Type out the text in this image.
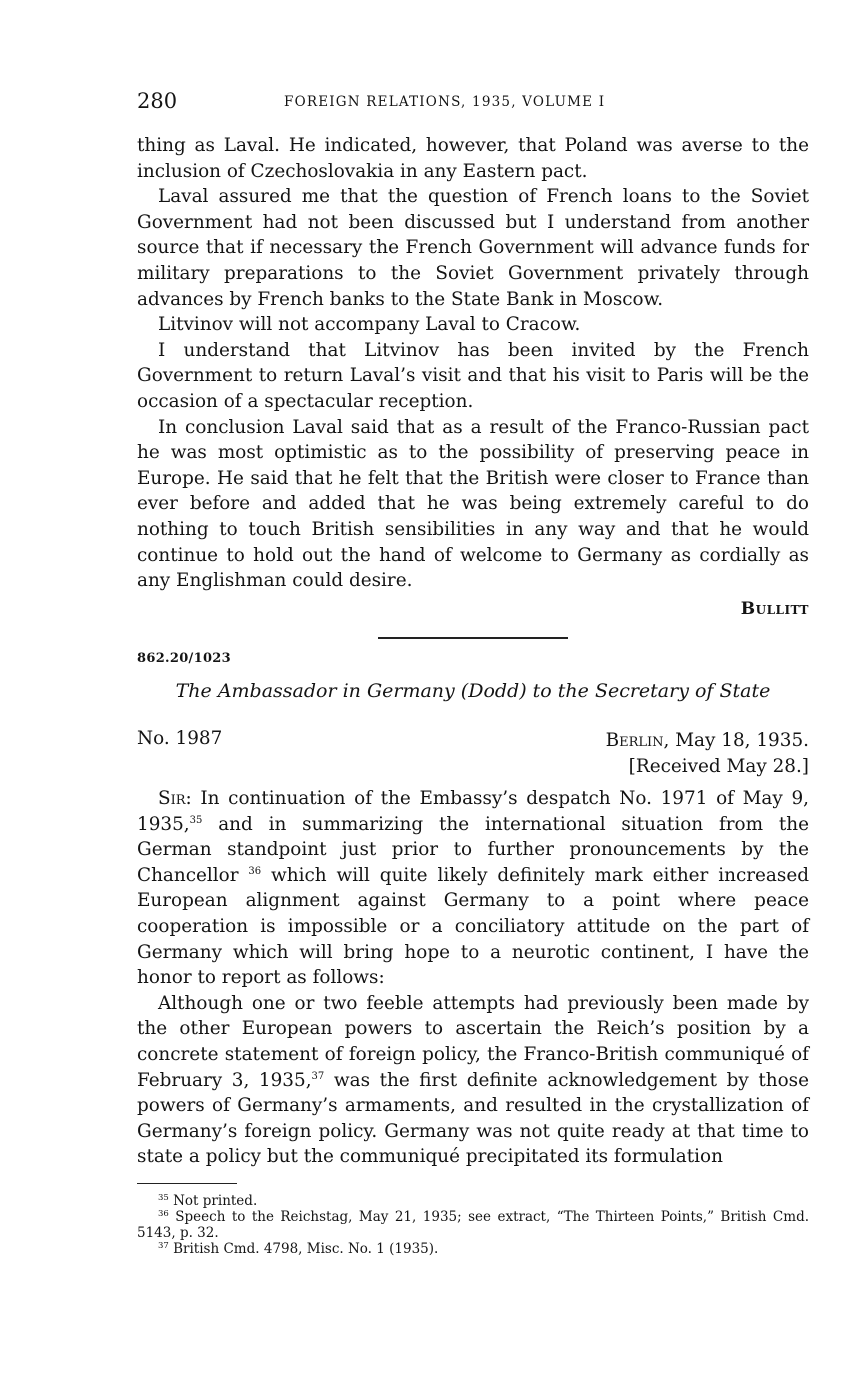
280	FOREIGN RELATIONS, 1935, VOLUME I

thing as Laval. He indicated, however, that Poland was averse to the inclusion of Czechoslovakia in any Eastern pact.

Laval assured me that the question of French loans to the Soviet Government had not been discussed but I understand from another source that if necessary the French Government will advance funds for military preparations to the Soviet Government privately through advances by French banks to the State Bank in Moscow.

Litvinov will not accompany Laval to Cracow.

I understand that Litvinov has been invited by the French Government to return Laval’s visit and that his visit to Paris will be the occasion of a spectacular reception.

In conclusion Laval said that as a result of the Franco-Russian pact he was most optimistic as to the possibility of preserving peace in Europe. He said that he felt that the British were closer to France than ever before and added that he was being extremely careful to do nothing to touch British sensibilities in any way and that he would continue to hold out the hand of welcome to Germany as cordially as any Englishman could desire.

Bullitt
862.20/1023
The Ambassador in Germany (Dodd) to the Secretary of State
No. 1987	Berlin, May 18, 1935.
[Received May 28.]

Sir: In continuation of the Embassy’s despatch No. 1971 of May 9, 1935,35 and in summarizing the international situation from the German standpoint just prior to further pronouncements by the Chancellor $^{36}$ which will quite likely definitely mark either increased European alignment against Germany to a point where peace cooperation is impossible or a conciliatory attitude on the part of Germany which will bring hope to a neurotic continent, I have the honor to report as follows:

Although one or two feeble attempts had previously been made by the other European powers to ascertain the Reich’s position by a concrete statement of foreign policy, the Franco-British communiqué of February 3, 1935,37 was the first definite acknowledgement by those powers of Germany’s armaments, and resulted in the crystallization of Germany’s foreign policy. Germany was not quite ready at that time to state a policy but the communiqué precipitated its formulation

$^{35}$ Not printed.

$^{36}$ Speech to the Reichstag, May 21, 1935; see extract, “The Thirteen Points,” British Cmd. 5143, p. 32.

$^{37}$ British Cmd. 4798, Misc. No. 1 (1935).
